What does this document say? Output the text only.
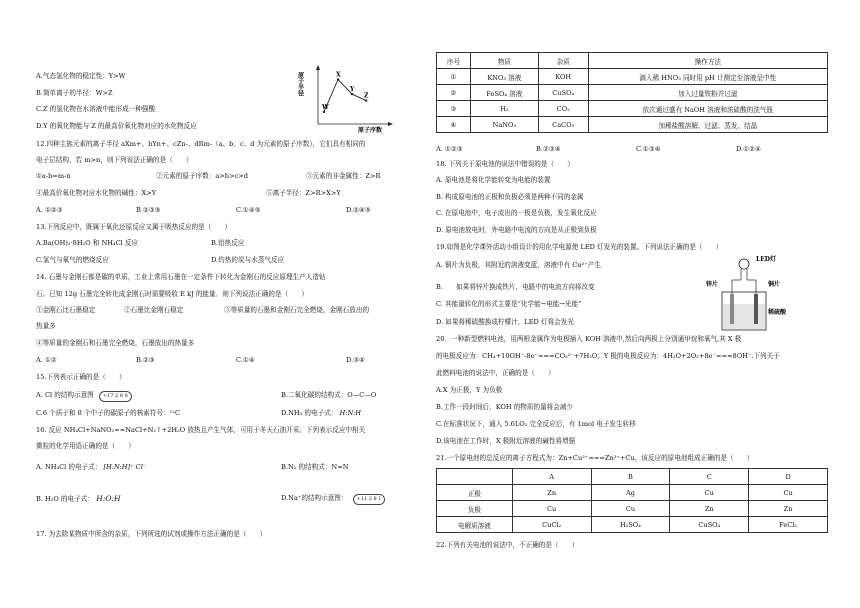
A.气态氢化物的稳定性：Y>W
B.简单离子的半径：W>Z
C.Z 的氢化物在水溶液中能形成一种强酸
D.Y 的氧化物能与 Z 的最高价氧化物对应的水化物反应
原子半径
原子序数
W
X
Y
Z
12.四种主族元素的离子半径 aXm+、bYn+、cZn-、dRm-（a、b、c、d 为元素的原子序数），它们具有相同的
电子层结构，若 m>n，则下列说法正确的是（　　）
①a-b=m-n	②元素的原子序数：a>b>c>d	③元素的非金属性：Z>R
④最高价氧化物对应水化物的碱性：X>Y	⑤离子半径：Z>R>X>Y
A. ①②③	B.②③⑤	C.①④⑤	D.②④⑤
13.下列反应中，既属于氧化还原反应又属于吸热反应的是（　　）
A.Ba(OH)₂·8H₂O 和 NH₄Cl 反应	B.铝热反应
C.氢气与氧气的燃烧反应	D.灼热的炭与水蒸气反应
14. 石墨与金刚石都是碳的单质，工业上常用石墨在一定条件下转化为金刚石的反应原理生产人造钻
石。已知 12g 石墨完全转化成金刚石时需要吸收 E kJ 的能量．则下列说法正确的是（　　）
①金刚石比石墨稳定	②石墨比金刚石稳定	③等质量的石墨和金刚石完全燃烧，金刚石放出的
热量多
④等质量的金刚石和石墨完全燃烧，石墨放出的热量多
A. ①②	B.②③	C.①④	D.③④
15.下列表示正确的是（　　）
A. Cl 的结构示意图 +17 2 8 8	B.二氧化碳的结构式：O—C—O
C.6 个质子和 8 个中子的碳原子的核素符号：¹²C	D.NH₃ 的电子式： H:N:H
16. 反应 NH₄Cl+NaNO₂==NaCl+N₂↑+2H₂O 放热且产生气体，可用于冬天石油开采。下列表示反应中相关
微粒的化学用语正确的是（　　）
A. NH₄Cl 的电子式： [H:N:H]⁺ Cl⁻	B.N₂ 的结构式：N=N
B. H₂O 的电子式： H:O:H	D.Na⁺的结构示意图： +11 2 8 1
17. 为去除某物质中所含的杂质，下列所选的试剂或操作方法正确的是（　　）
序号	物质	杂质	操作方法
①	KNO₃ 溶液	KOH	滴入稀 HNO₃ 同时用 pH 计测定至溶液呈中性
②	FeSO₄ 溶液	CuSO₄	加入过量铁粉并过滤
③	H₂	CO₂	依次通过盛有 NaOH 溶液和浓硫酸的洗气瓶
④	NaNO₃	CaCO₃	加稀盐酸溶解、过滤、蒸发、结晶
A. ①②③	B.②③④	C.①③④	D.①②④
18. 下列关于原电池的说法中错误的是（　　）
A. 原电池是将化学能转变为电能的装置
B. 构成原电池的正极和负极必须是两种不同的金属
C. 在原电池中，电子流出的一极是负极，发生氧化反应
D. 原电池放电时，外电路中电流的方向是从正极到负极
19.如图是化学课外活动小组设计的用化学电源使 LED 灯发光的装置。下列说法正确的是（　　）
A. 铜片为负极，其附近的溶液变蓝，溶液中有 Cu²⁺产生
B.　　如果将锌片换成铁片，电路中的电流方向将改变
C. 其能量转化的形式主要是“化学能→电能→光能”
D. 如果将稀硫酸换成柠檬汁，LED 灯将会发光
LED灯
锌片	铜片
稀硫酸
20．一种新型燃料电池，用两根金属作为电极插入 KOH 溶液中,然后向两极上分别通甲烷和氧气,其 X 极
的电极反应为：CH₄+10OH⁻-8e⁻===CO₃²⁻+7H₂O；Y 极的电极反应为：4H₂O+2O₂+8e⁻===8OH⁻.下列关于
此燃料电池的说法中，正确的是（　　）
A.X 为正极，Y 为负极
B.工作一段时间后，KOH 的物质的量将会减少
C.在标准状况下，通入 5.6LO₂ 完全反应后，有 1mol 电子发生转移
D.该电池在工作时，X 极附近溶液的碱性将增强
21.一个原电池的总反应的离子方程式为：Zn+Cu²⁺===Zn²⁺+Cu，该反应的原电池组成正确的是（　　）
	A	B	C	D
正极	Zn	Ag	Cu	Cu
负极	Cu	Cu	Zn	Zn
电解质溶液	CuCl₂	H₂SO₄	CuSO₄	FeCl₂
22.下列有关电池的说法中，不正确的是（　　）
